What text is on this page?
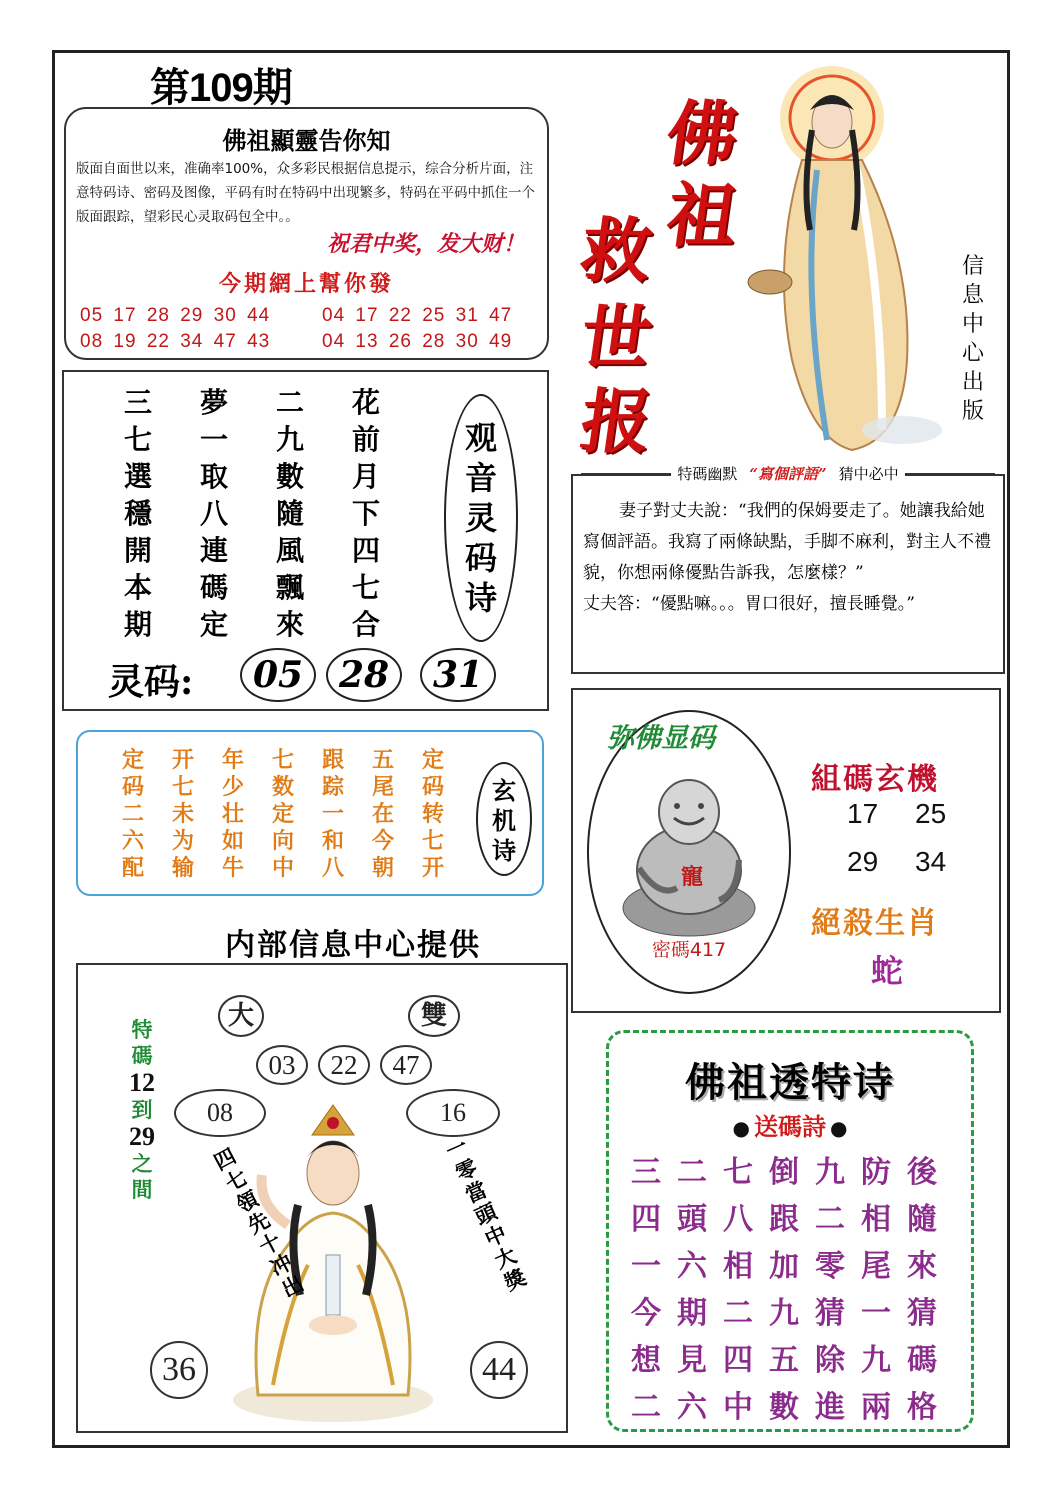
第109期
佛祖顯靈告你知
版面自面世以来，准确率100%，众多彩民根据信息提示，综合分析片面，注意特码诗、密码及图像，平码有时在特码中出现繁多，特码在平码中抓住一个版面跟踪，望彩民心灵取码包全中。。
祝君中奖，发大财！
今期網上幫你發
05 17 28 29 30 44	04 17 22 25 31 47
08 19 22 34 47 43	04 13 26 28 30 49
三	夢	二	花
七	一	九	前
選	取	數	月
穩	八	隨	下
開	連	風	四
本	碼	飄	七
期	定	來	合
观音灵码诗
灵码:	05 28	31
定	开	年	七	跟	五	定
码	七	少	数	踪	尾	码
二	未	壮	定	一	在	转
六	为	如	向	和	今	七
配	输	牛	中	八	朝	开
玄机诗
内部信息中心提供
大	雙
03	22	47
08	16
特
碼
12
到
29
之
間
四七領先十冲出
一零當頭中大獎
36	44
佛
祖
救
世
报
信
息
中
心
出
版
特碼幽默 “寫個評語” 猜中必中

妻子對丈夫說：“我們的保姆要走了。她讓我給她寫個評語。我寫了兩條缺點，手脚不麻利，對主人不禮貌，你想兩條優點告訴我，怎麼樣？”

丈夫答：“優點嘛。。。胃口很好，擅長睡覺。”

弥佛显码
寵
密碼417
組碼玄機
17 25
29 34
絕殺生肖
蛇
佛祖透特诗
● 送碼詩 ●
三 二 七 倒 九 防 後
四 頭 八 跟 二 相 隨
一 六 相 加 零 尾 來
今 期 二 九 猜 一 猜
想 見 四 五 除 九 碼
二 六 中 數 進 兩 格
